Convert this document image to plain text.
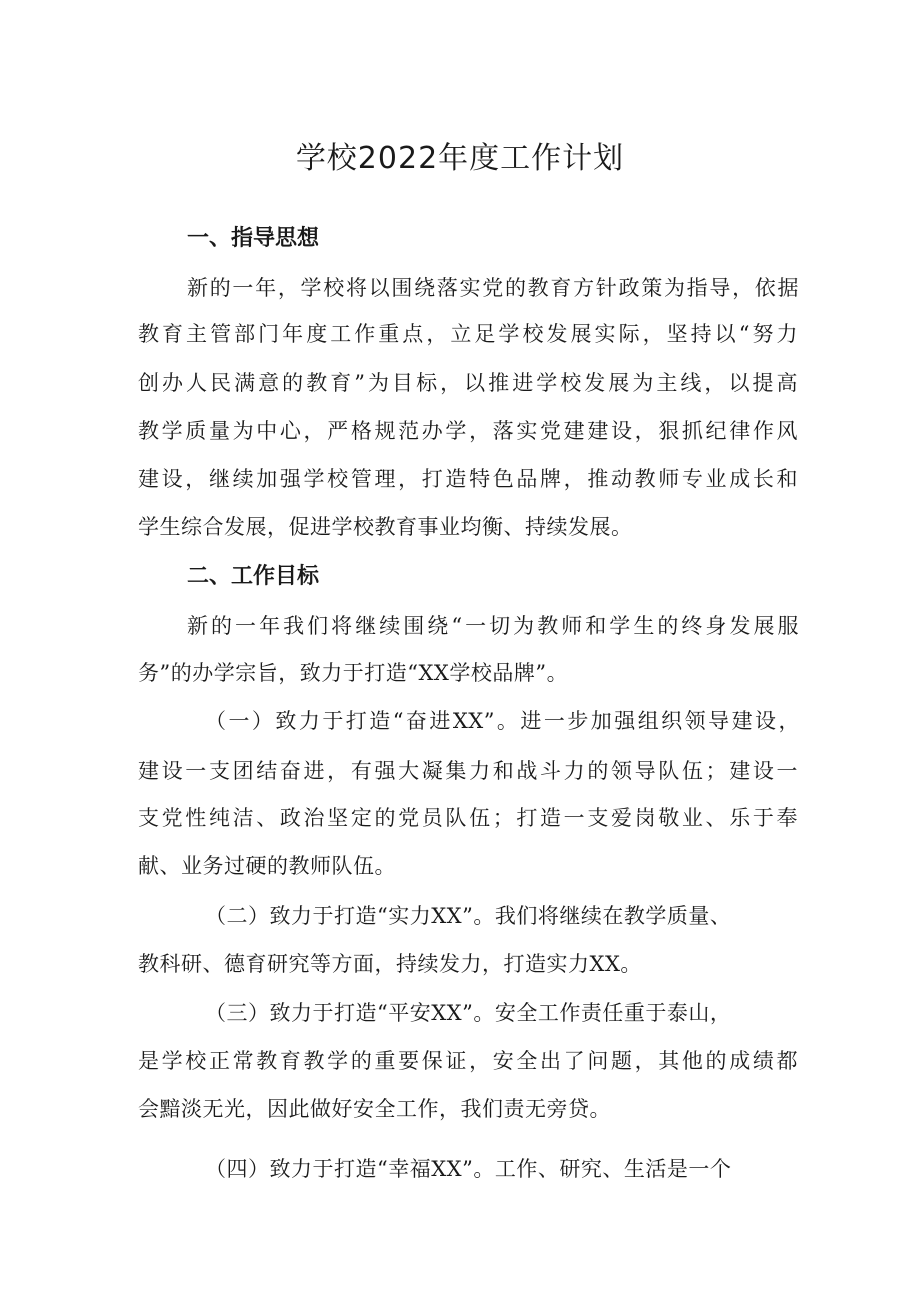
学校2022年度工作计划
一、指导思想
新的一年，学校将以围绕落实党的教育方针政策为指导，依据
教育主管部门年度工作重点，立足学校发展实际，坚持以“努力
创办人民满意的教育”为目标，以推进学校发展为主线，以提高
教学质量为中心，严格规范办学，落实党建建设，狠抓纪律作风
建设，继续加强学校管理，打造特色品牌，推动教师专业成长和
学生综合发展，促进学校教育事业均衡、持续发展。
二、工作目标
新的一年我们将继续围绕“一切为教师和学生的终身发展服
务”的办学宗旨，致力于打造“XX学校品牌”。
（一）致力于打造“奋进XX”。进一步加强组织领导建设，
建设一支团结奋进，有强大凝集力和战斗力的领导队伍；建设一
支党性纯洁、政治坚定的党员队伍；打造一支爱岗敬业、乐于奉
献、业务过硬的教师队伍。
（二）致力于打造“实力XX”。我们将继续在教学质量、
教科研、德育研究等方面，持续发力，打造实力XX。
（三）致力于打造“平安XX”。安全工作责任重于泰山，
是学校正常教育教学的重要保证，安全出了问题，其他的成绩都
会黯淡无光，因此做好安全工作，我们责无旁贷。
（四）致力于打造“幸福XX”。工作、研究、生活是一个
